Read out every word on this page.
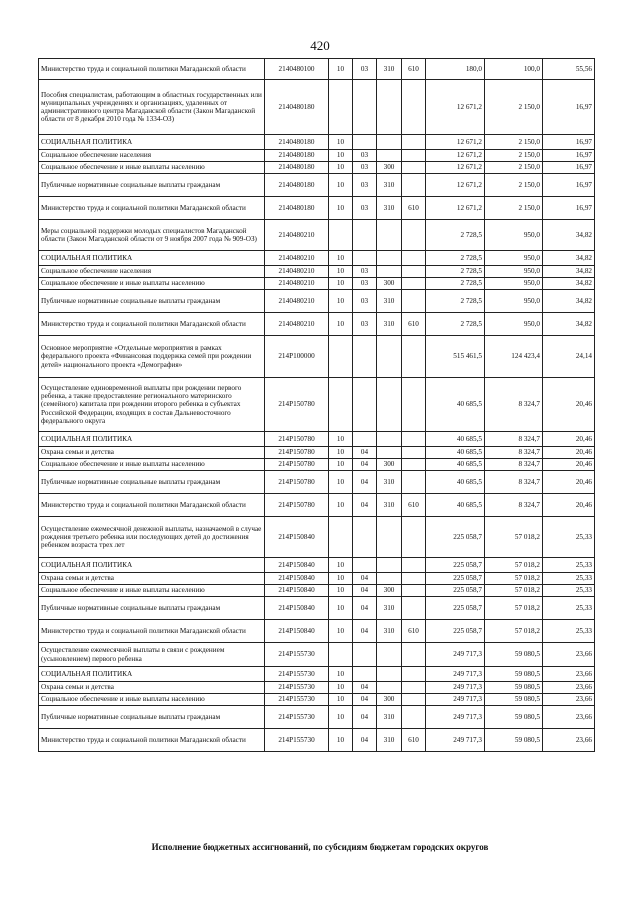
420
Министерство труда и социальной политики Магаданской области	2140480100	10	03	310	610	180,0	100,0	55,56
Пособия специалистам, работающим в областных государственных или муниципальных учреждениях и организациях, удаленных от административного центра Магаданской области (Закон Магаданской области от 8 декабря 2010 года № 1334-ОЗ)	2140480180					12 671,2	2 150,0	16,97
СОЦИАЛЬНАЯ ПОЛИТИКА	2140480180	10				12 671,2	2 150,0	16,97
Социальное обеспечение населения	2140480180	10	03			12 671,2	2 150,0	16,97
Социальное обеспечение и иные выплаты населению	2140480180	10	03	300		12 671,2	2 150,0	16,97
Публичные нормативные социальные выплаты гражданам	2140480180	10	03	310		12 671,2	2 150,0	16,97
Министерство труда и социальной политики Магаданской области	2140480180	10	03	310	610	12 671,2	2 150,0	16,97
Меры социальной поддержки молодых специалистов Магаданской области (Закон Магаданской области от 9 ноября 2007 года № 909-ОЗ)	2140480210					2 728,5	950,0	34,82
СОЦИАЛЬНАЯ ПОЛИТИКА	2140480210	10				2 728,5	950,0	34,82
Социальное обеспечение населения	2140480210	10	03			2 728,5	950,0	34,82
Социальное обеспечение и иные выплаты населению	2140480210	10	03	300		2 728,5	950,0	34,82
Публичные нормативные социальные выплаты гражданам	2140480210	10	03	310		2 728,5	950,0	34,82
Министерство труда и социальной политики Магаданской области	2140480210	10	03	310	610	2 728,5	950,0	34,82
Основное мероприятие «Отдельные мероприятия в рамках федерального проекта «Финансовая поддержка семей при рождении детей» национального проекта «Демография»	214P100000					515 461,5	124 423,4	24,14
Осуществление единовременной выплаты при рождении первого ребенка, а также предоставление регионального материнского (семейного) капитала при рождении второго ребенка в субъектах Российской Федерации, входящих в состав Дальневосточного федерального округа	214P150780					40 685,5	8 324,7	20,46
СОЦИАЛЬНАЯ ПОЛИТИКА	214P150780	10				40 685,5	8 324,7	20,46
Охрана семьи и детства	214P150780	10	04			40 685,5	8 324,7	20,46
Социальное обеспечение и иные выплаты населению	214P150780	10	04	300		40 685,5	8 324,7	20,46
Публичные нормативные социальные выплаты гражданам	214P150780	10	04	310		40 685,5	8 324,7	20,46
Министерство труда и социальной политики Магаданской области	214P150780	10	04	310	610	40 685,5	8 324,7	20,46
Осуществление ежемесячной денежной выплаты, назначаемой в случае рождения третьего ребенка или последующих детей до достижения ребенком возраста трех лет	214P150840					225 058,7	57 018,2	25,33
СОЦИАЛЬНАЯ ПОЛИТИКА	214P150840	10				225 058,7	57 018,2	25,33
Охрана семьи и детства	214P150840	10	04			225 058,7	57 018,2	25,33
Социальное обеспечение и иные выплаты населению	214P150840	10	04	300		225 058,7	57 018,2	25,33
Публичные нормативные социальные выплаты гражданам	214P150840	10	04	310		225 058,7	57 018,2	25,33
Министерство труда и социальной политики Магаданской области	214P150840	10	04	310	610	225 058,7	57 018,2	25,33
Осуществление ежемесячной выплаты в связи с рождением (усыновлением) первого ребенка	214P155730					249 717,3	59 080,5	23,66
СОЦИАЛЬНАЯ ПОЛИТИКА	214P155730	10				249 717,3	59 080,5	23,66
Охрана семьи и детства	214P155730	10	04			249 717,3	59 080,5	23,66
Социальное обеспечение и иные выплаты населению	214P155730	10	04	300		249 717,3	59 080,5	23,66
Публичные нормативные социальные выплаты гражданам	214P155730	10	04	310		249 717,3	59 080,5	23,66
Министерство труда и социальной политики Магаданской области	214P155730	10	04	310	610	249 717,3	59 080,5	23,66
Исполнение бюджетных ассигнований, по субсидиям бюджетам городских округов
